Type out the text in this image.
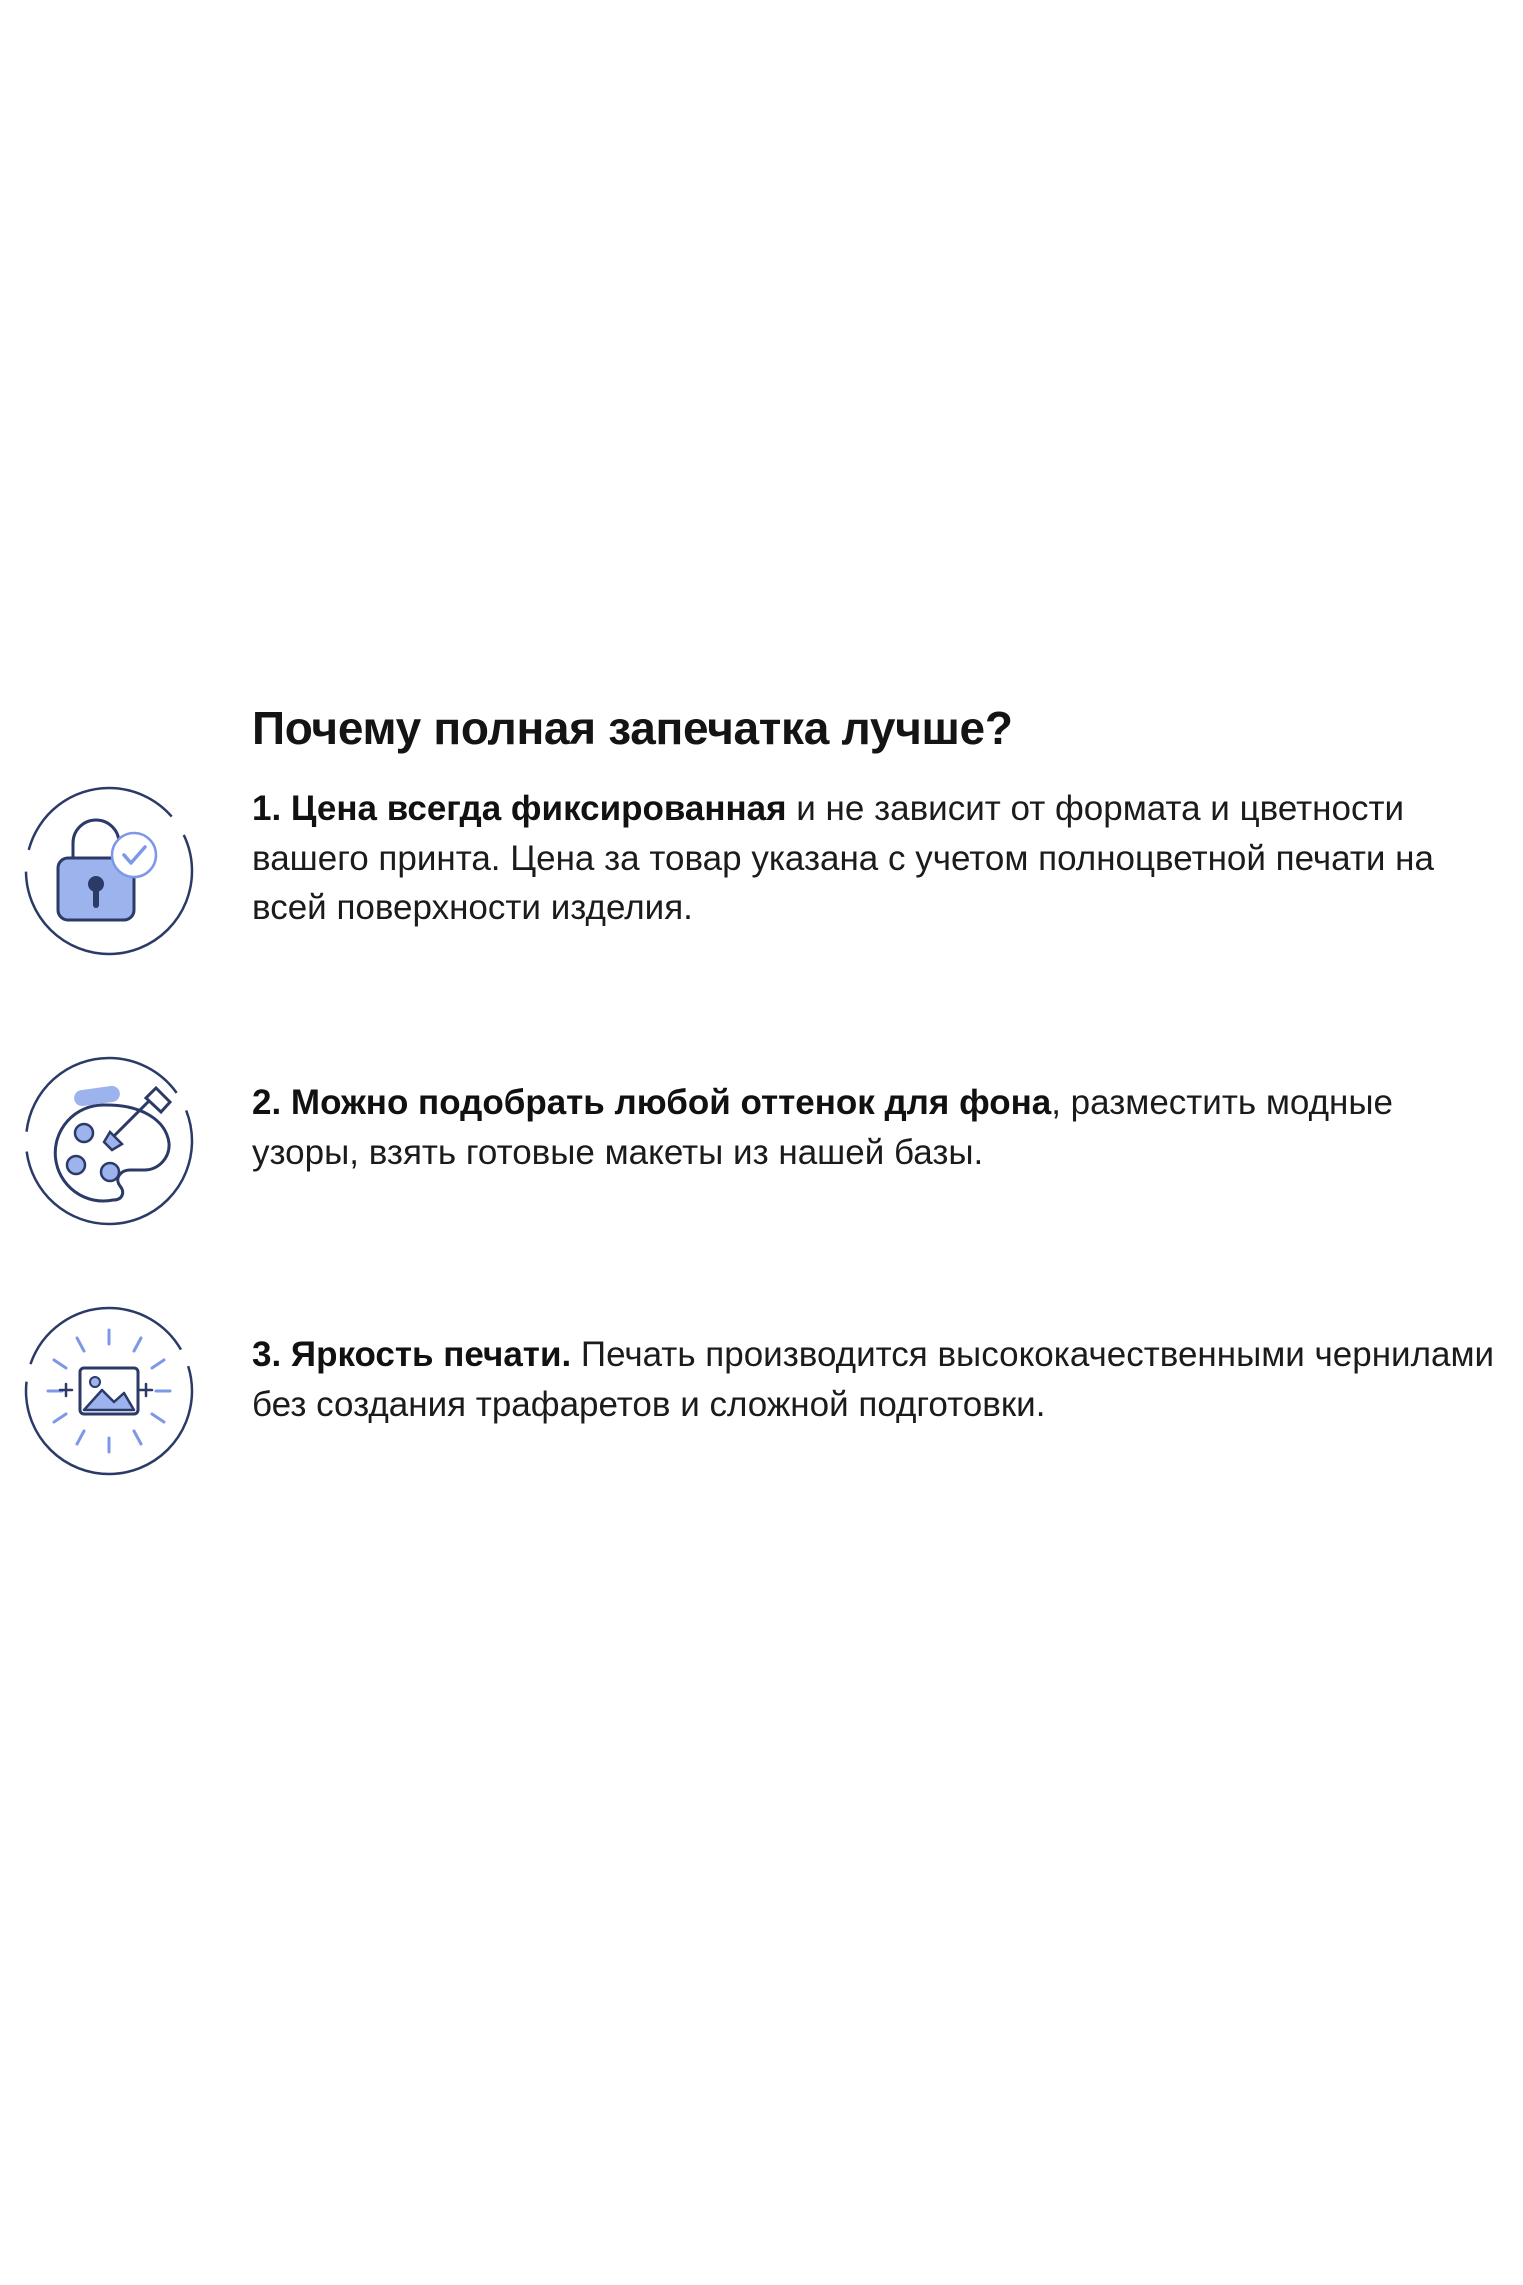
Почему полная запечатка лучше?
1. Цена всегда фиксированная и не зависит от формата и цветности вашего принта. Цена за товар указана с учетом полноцветной печати на всей поверхности изделия.
2. Можно подобрать любой оттенок для фона, разместить модные узоры, взять готовые макеты из нашей базы.
3. Яркость печати. Печать производится высококачественными чернилами без создания трафаретов и сложной подготовки.
